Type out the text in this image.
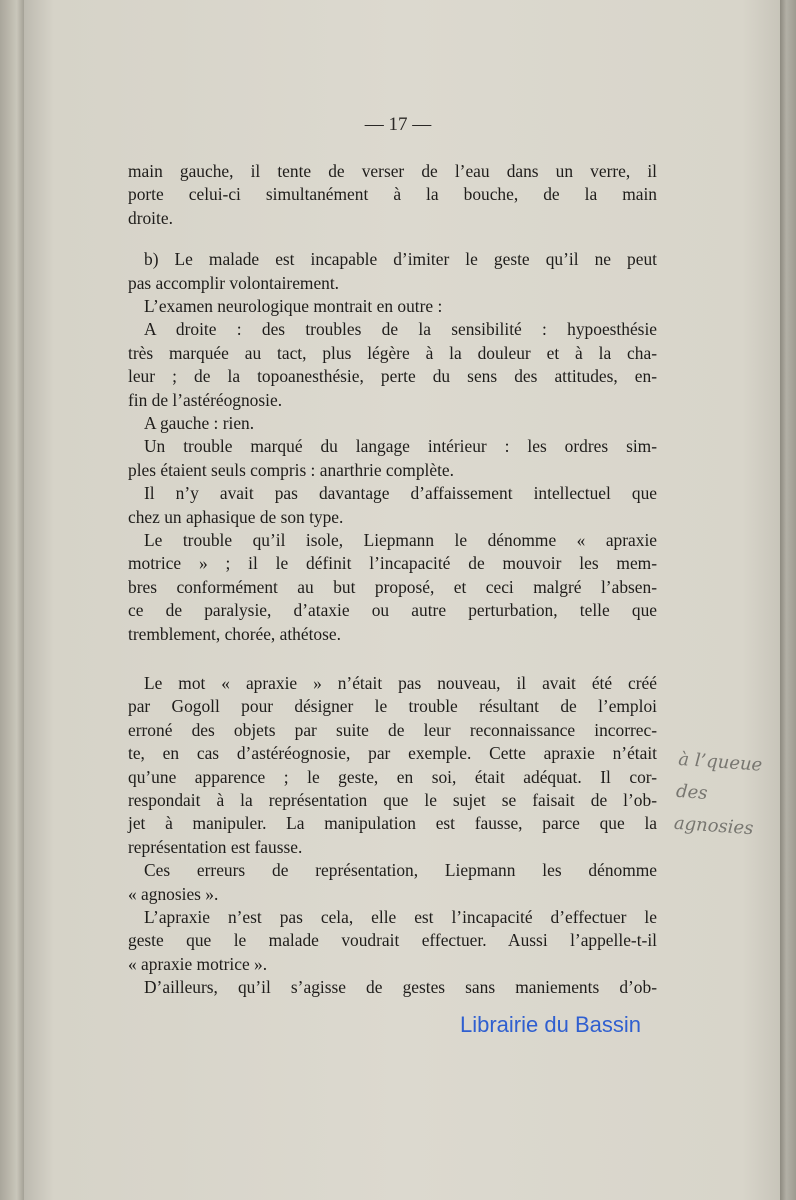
— 17 —
main gauche, il tente de verser de l’eau dans un verre, il
porte celui-ci simultanément à la bouche, de la main
droite.
b) Le malade est incapable d’imiter le geste qu’il ne peut
pas accomplir volontairement.
L’examen neurologique montrait en outre :
A droite : des troubles de la sensibilité : hypoesthésie
très marquée au tact, plus légère à la douleur et à la cha-
leur ; de la topoanesthésie, perte du sens des attitudes, en-
fin de l’astéréognosie.
A gauche : rien.
Un trouble marqué du langage intérieur : les ordres sim-
ples étaient seuls compris : anarthrie complète.
Il n’y avait pas davantage d’affaissement intellectuel que
chez un aphasique de son type.
Le trouble qu’il isole, Liepmann le dénomme « apraxie
motrice » ; il le définit l’incapacité de mouvoir les mem-
bres conformément au but proposé, et ceci malgré l’absen-
ce de paralysie, d’ataxie ou autre perturbation, telle que
tremblement, chorée, athétose.
Le mot « apraxie » n’était pas nouveau, il avait été créé
par Gogoll pour désigner le trouble résultant de l’emploi
erroné des objets par suite de leur reconnaissance incorrec-
te, en cas d’astéréognosie, par exemple. Cette apraxie n’était
qu’une apparence ; le geste, en soi, était adéquat. Il cor-
respondait à la représentation que le sujet se faisait de l’ob-
jet à manipuler. La manipulation est fausse, parce que la
représentation est fausse.
Ces erreurs de représentation, Liepmann les dénomme
« agnosies ».
L’apraxie n’est pas cela, elle est l’incapacité d’effectuer le
geste que le malade voudrait effectuer. Aussi l’appelle-t-il
« apraxie motrice ».
D’ailleurs, qu’il s’agisse de gestes sans maniements d’ob-
à l’queue des
agnosies
Librairie du Bassin
